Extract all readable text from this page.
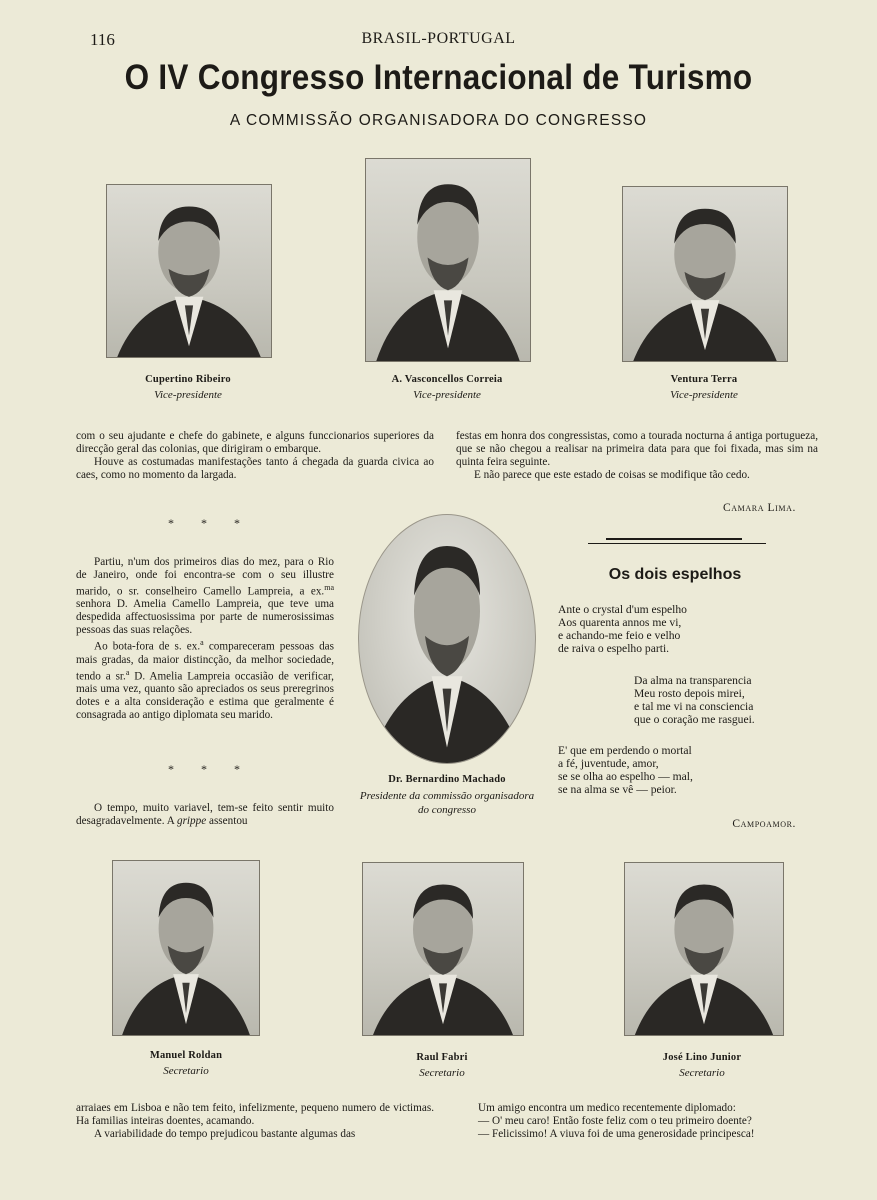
116	BRASIL-PORTUGAL
O IV Congresso Internacional de Turismo
A COMMISSÃO ORGANISADORA DO CONGRESSO
Cupertino Ribeiro
Vice-presidente
A. Vasconcellos Correia
Vice-presidente
Ventura Terra
Vice-presidente

com o seu ajudante e chefe do gabinete, e alguns funccionarios superiores da direcção geral das colonias, que dirigiram o embarque.

Houve as costumadas manifestações tanto á chegada da guarda civica ao caes, como no momento da largada.

festas em honra dos congressistas, como a tourada nocturna á antiga portugueza, que se não chegou a realisar na primeira data para que foi fixada, mas sim na quinta feira seguinte.

E não parece que este estado de coisas se modifique tão cedo.

Camara Lima.
* * *

Partiu, n'um dos primeiros dias do mez, para o Rio de Janeiro, onde foi encontra-se com o seu illustre marido, o sr. conselheiro Camello Lampreia, a ex.$^{ma}$ senhora D. Amelia Camello Lampreia, que teve uma despedida affectuosissima por parte de numerosissimas pessoas das suas relações.

Ao bota-fora de s. ex.$^a$ compareceram pessoas das mais gradas, da maior distincção, da melhor sociedade, tendo a sr.$^a$ D. Amelia Lampreia occasião de verificar, mais uma vez, quanto são apreciados os seus preregrinos dotes e a alta consideração e estima que geralmente é consagrada ao antigo diplomata seu marido.

* * *

O tempo, muito variavel, tem-se feito sentir muito desagradavelmente. A grippe assentou

Dr. Bernardino Machado
Presidente da commissão organisadora
do congresso
Os dois espelhos
Ante o crystal d'um espelho
Aos quarenta annos me vi,
e achando-me feio e velho
de raiva o espelho parti.
Da alma na transparencia
Meu rosto depois mirei,
e tal me vi na consciencia
que o coração me rasguei.
E' que em perdendo o mortal
a fé, juventude, amor,
se se olha ao espelho — mal,
se na alma se vê — peior.
Campoamor.
Manuel Roldan
Secretario
Raul Fabri
Secretario
José Lino Junior
Secretario

arraiaes em Lisboa e não tem feito, infelizmente, pequeno numero de victimas. Ha familias inteiras doentes, acamando.

A variabilidade do tempo prejudicou bastante algumas das

Um amigo encontra um medico recentemente diplomado:

— O' meu caro! Então foste feliz com o teu primeiro doente?

— Felicissimo! A viuva foi de uma generosidade principesca!
